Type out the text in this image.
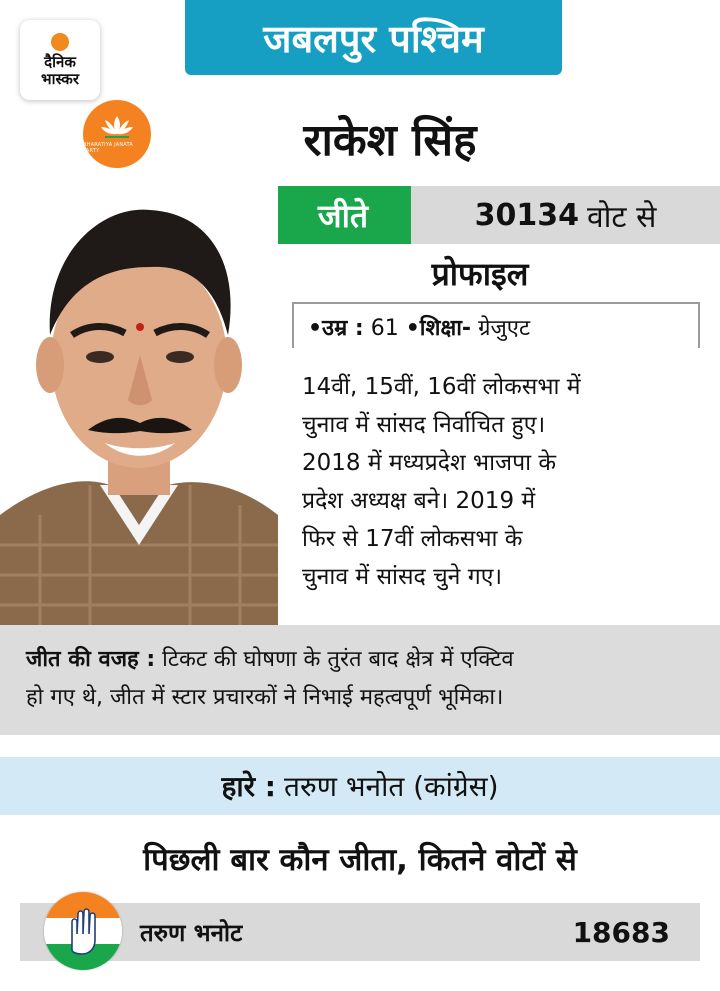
दैनिक
भास्कर
जबलपुर पश्चिम
BHARATIYA JANATA PARTY	राकेश सिंह
जीते	30134 वोट से
प्रोफाइल
•उम्र : 61 •शिक्षा- ग्रेजुएट
14वीं, 15वीं, 16वीं लोकसभा में
चुनाव में सांसद निर्वाचित हुए।
2018 में मध्यप्रदेश भाजपा के
प्रदेश अध्यक्ष बने। 2019 में
फिर से 17वीं लोकसभा के
चुनाव में सांसद चुने गए।
जीत की वजह : टिकट की घोषणा के तुरंत बाद क्षेत्र में एक्टिव
हो गए थे, जीत में स्टार प्रचारकों ने निभाई महत्वपूर्ण भूमिका।
हारे : तरुण भनोत (कांग्रेस)
पिछली बार कौन जीता, कितने वोटों से
तरुण भनोट	18683
